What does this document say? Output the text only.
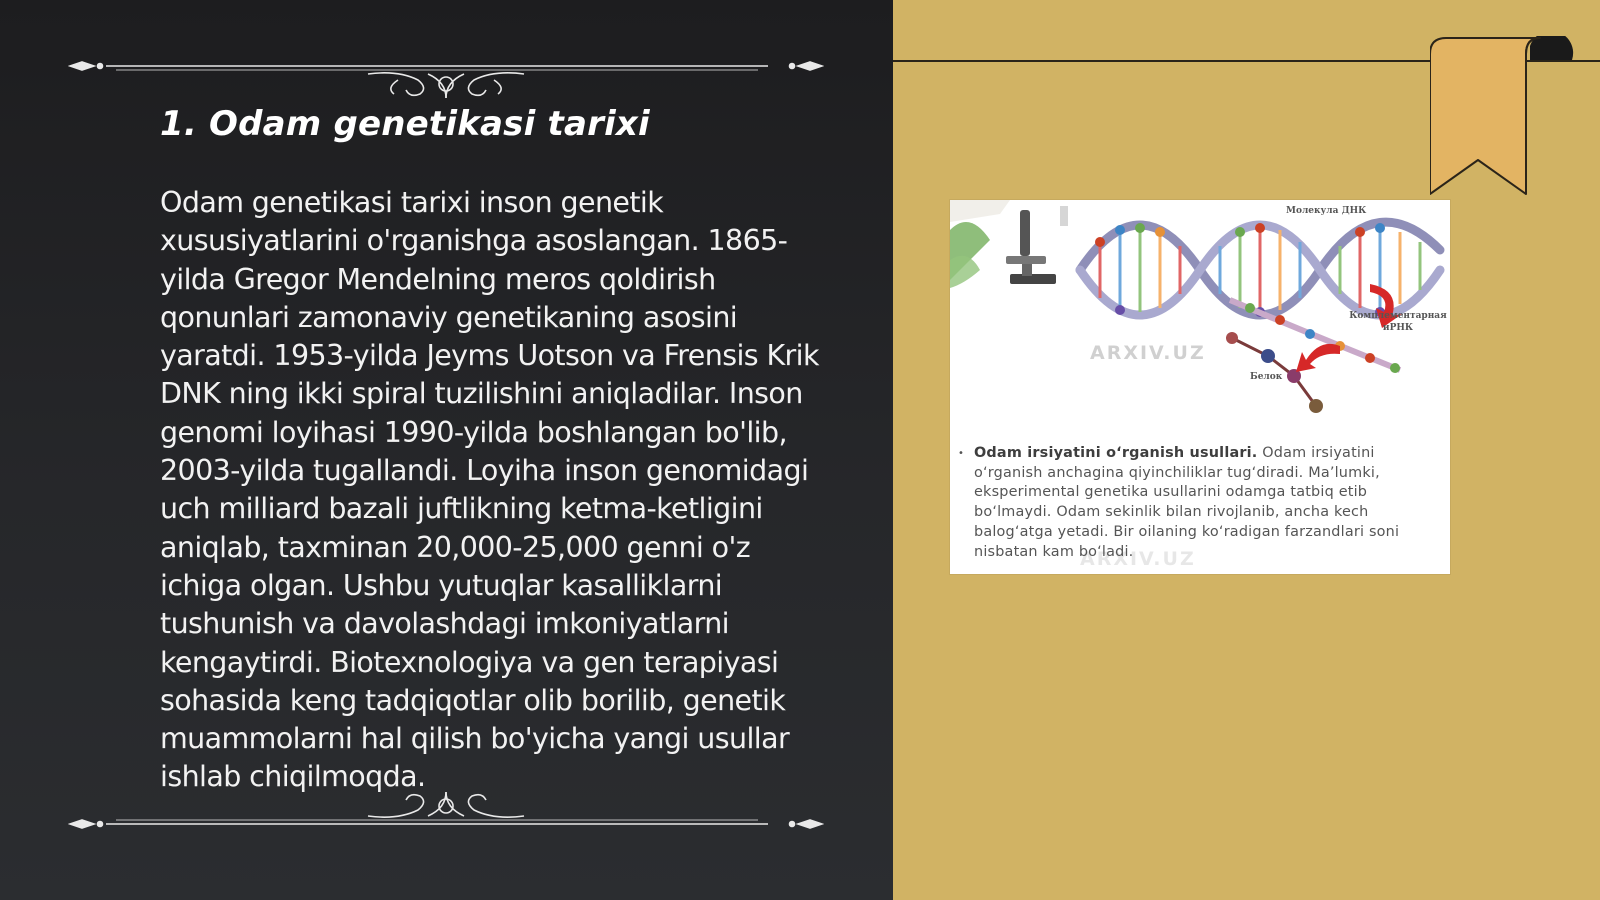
1. Odam genetikasi tarixi

Odam genetikasi tarixi inson genetik xususiyatlarini o'rganishga asoslangan. 1865-yilda Gregor Mendelning meros qoldirish qonunlari zamonaviy genetikaning asosini yaratdi. 1953-yilda Jeyms Uotson va Frensis Krik DNK ning ikki spiral tuzilishini aniqladilar. Inson genomi loyihasi 1990-yilda boshlangan bo'lib, 2003-yilda tugallandi. Loyiha inson genomidagi uch milliard bazali juftlikning ketma-ketligini aniqlab, taxminan 20,000-25,000 genni o'z ichiga olgan. Ushbu yutuqlar kasalliklarni tushunish va davolashdagi imkoniyatlarni kengaytirdi. Biotexnologiya va gen terapiyasi sohasida keng tadqiqotlar olib borilib, genetik muammolarni hal qilish bo'yicha yangi usullar ishlab chiqilmoqda.

Молекула ДНК
Комплементарная иРНК
Белок
ARXIV.UZ
ARXIV.UZ
• Odam irsiyatini o‘rganish usullari. Odam irsiyatini o‘rganish anchagina qiyinchiliklar tug‘diradi. Ma’lumki, eksperimental genetika usullarini odamga tatbiq etib bo‘lmaydi. Odam sekinlik bilan rivojlanib, ancha kech balog‘atga yetadi. Bir oilaning ko‘radigan farzandlari soni nisbatan kam bo‘ladi.
